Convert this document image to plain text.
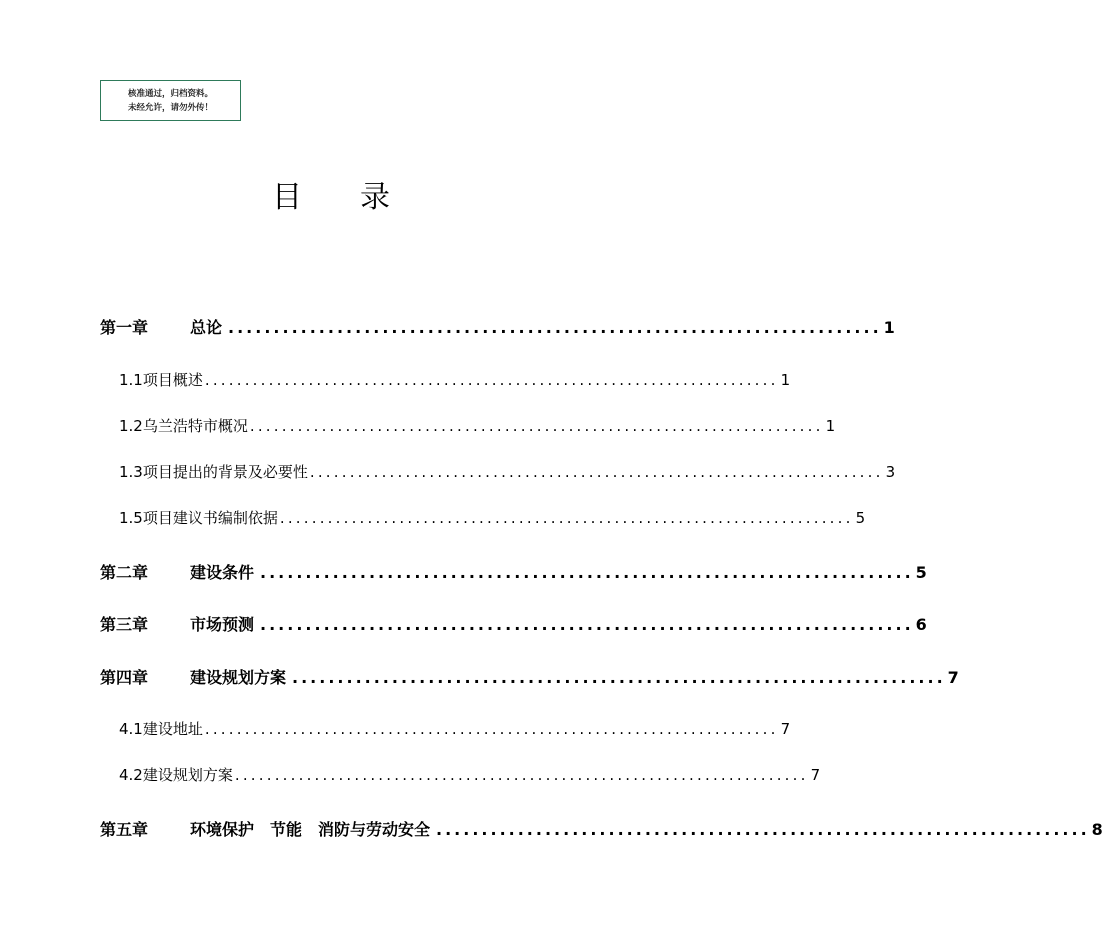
核准通过，归档资料。
未经允许，请勿外传！
目录
第一章	总论 ........................................................................ 1
1.1项目概述 ........................................................................ 1
1.2乌兰浩特市概况 ........................................................................ 1
1.3项目提出的背景及必要性 ........................................................................ 3
1.5项目建议书编制依据 ........................................................................ 5
第二章	建设条件 ........................................................................ 5
第三章	市场预测 ........................................................................ 6
第四章	建设规划方案 ........................................................................ 7
4.1建设地址 ........................................................................ 7
4.2建设规划方案 ........................................................................ 7
第五章	环境保护　节能　消防与劳动安全 ........................................................................ 8
